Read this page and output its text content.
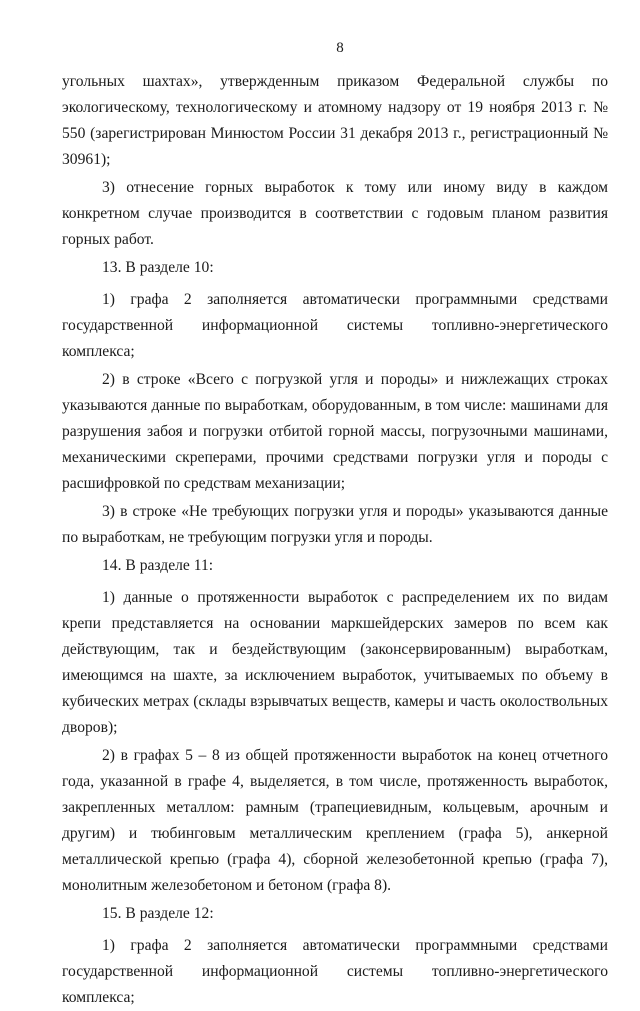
8

угольных шахтах», утвержденным приказом Федеральной службы по экологическому, технологическому и атомному надзору от 19 ноября 2013 г. № 550 (зарегистрирован Минюстом России 31 декабря 2013 г., регистрационный № 30961);

3) отнесение горных выработок к тому или иному виду в каждом конкретном случае производится в соответствии с годовым планом развития горных работ.

13. В разделе 10:

1) графа 2 заполняется автоматически программными средствами государственной информационной системы топливно-энергетического комплекса;

2) в строке «Всего с погрузкой угля и породы» и нижлежащих строках указываются данные по выработкам, оборудованным, в том числе: машинами для разрушения забоя и погрузки отбитой горной массы, погрузочными машинами, механическими скреперами, прочими средствами погрузки угля и породы с расшифровкой по средствам механизации;

3) в строке «Не требующих погрузки угля и породы» указываются данные по выработкам, не требующим погрузки угля и породы.

14. В разделе 11:

1) данные о протяженности выработок с распределением их по видам крепи представляется на основании маркшейдерских замеров по всем как действующим, так и бездействующим (законсервированным) выработкам, имеющимся на шахте, за исключением выработок, учитываемых по объему в кубических метрах (склады взрывчатых веществ, камеры и часть околоствольных дворов);

2) в графах 5 – 8 из общей протяженности выработок на конец отчетного года, указанной в графе 4, выделяется, в том числе, протяженность выработок, закрепленных металлом: рамным (трапециевидным, кольцевым, арочным и другим) и тюбинговым металлическим креплением (графа 5), анкерной металлической крепью (графа 4), сборной железобетонной крепью (графа 7), монолитным железобетоном и бетоном (графа 8).

15. В разделе 12:

1) графа 2 заполняется автоматически программными средствами государственной информационной системы топливно-энергетического комплекса;
